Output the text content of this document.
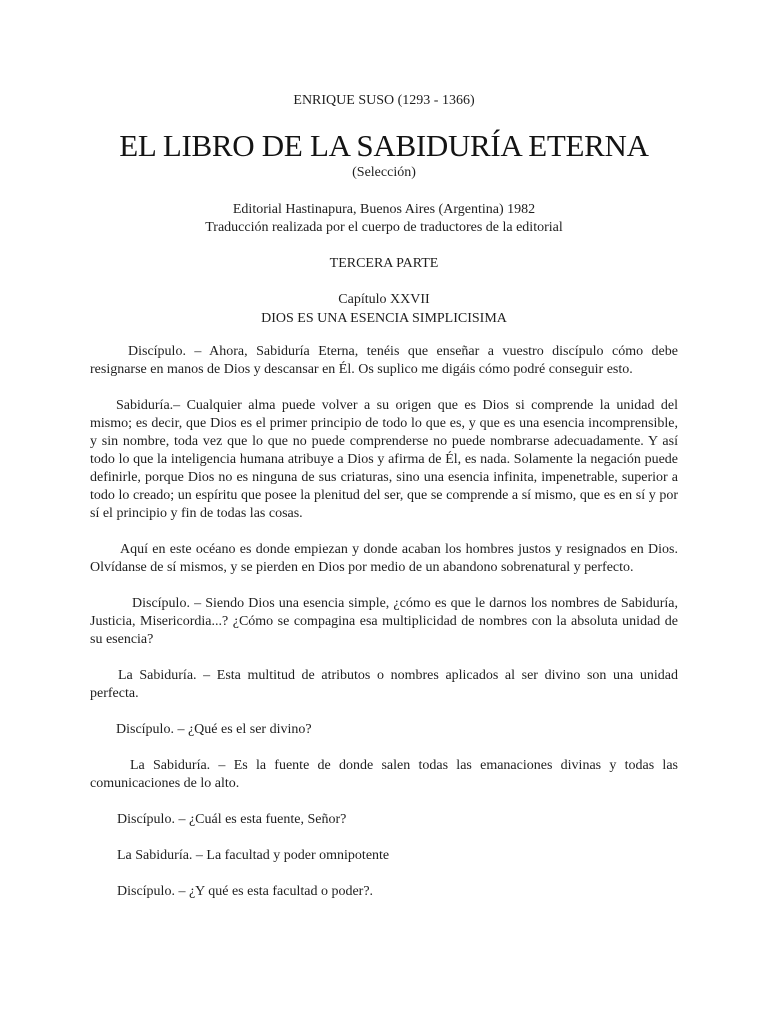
ENRIQUE SUSO (1293 - 1366)

EL LIBRO DE LA SABIDURÍA ETERNA

(Selección)

Editorial Hastinapura, Buenos Aires (Argentina) 1982

Traducción realizada por el cuerpo de traductores de la editorial

TERCERA PARTE

Capítulo XXVII

DIOS ES UNA ESENCIA SIMPLICISIMA

Discípulo. – Ahora, Sabiduría Eterna, tenéis que enseñar a vuestro discípulo cómo debe resignarse en manos de Dios y descansar en Él. Os suplico me digáis cómo podré conseguir esto.

Sabiduría.– Cualquier alma puede volver a su origen que es Dios si comprende la unidad del mismo; es decir, que Dios es el primer principio de todo lo que es, y que es una esencia incomprensible, y sin nombre, toda vez que lo que no puede comprenderse no puede nombrarse adecuadamente. Y así todo lo que la inteligencia humana atribuye a Dios y afirma de Él, es nada. Solamente la negación puede definirle, porque Dios no es ninguna de sus criaturas, sino una esencia infinita, impenetrable, superior a todo lo creado; un espíritu que posee la plenitud del ser, que se comprende a sí mismo, que es en sí y por sí el principio y fin de todas las cosas.

Aquí en este océano es donde empiezan y donde acaban los hombres justos y resignados en Dios. Olvídanse de sí mismos, y se pierden en Dios por medio de un abandono sobrenatural y perfecto.

Discípulo. – Siendo Dios una esencia simple, ¿cómo es que le darnos los nombres de Sabiduría, Justicia, Misericordia...? ¿Cómo se compagina esa multiplicidad de nombres con la absoluta unidad de su esencia?

La Sabiduría. – Esta multitud de atributos o nombres aplicados al ser divino son una unidad perfecta.

Discípulo. – ¿Qué es el ser divino?

La Sabiduría. – Es la fuente de donde salen todas las emanaciones divinas y todas las comunicaciones de lo alto.

Discípulo. – ¿Cuál es esta fuente, Señor?

La Sabiduría. – La facultad y poder omnipotente

Discípulo. – ¿Y qué es esta facultad o poder?.
